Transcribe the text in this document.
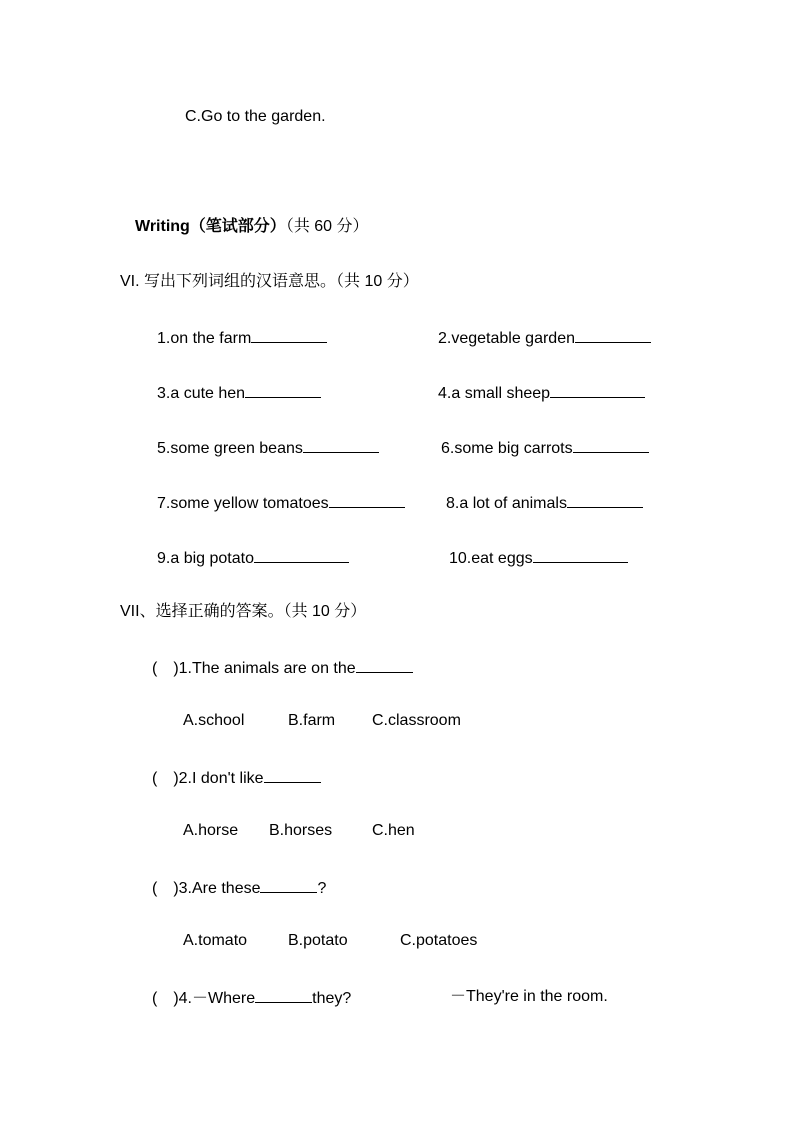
C.Go to the garden.
Writing（笔试部分）（共 60 分）
VI. 写出下列词组的汉语意思。（共 10 分）
1.on the farm	2.vegetable garden
3.a cute hen	4.a small sheep
5.some green beans	6.some big carrots
7.some yellow tomatoes	8.a lot of animals
9.a big potato	10.eat eggs
VII、选择正确的答案。（共 10 分）
( )1.The animals are on the
A.school	B.farm C.classroom
( )2.I don't like
A.horse B.horses C.hen
( )3.Are these	?
A.tomato	B.potato	C.potatoes
( )4.－Where	they?	－They're in the room.
